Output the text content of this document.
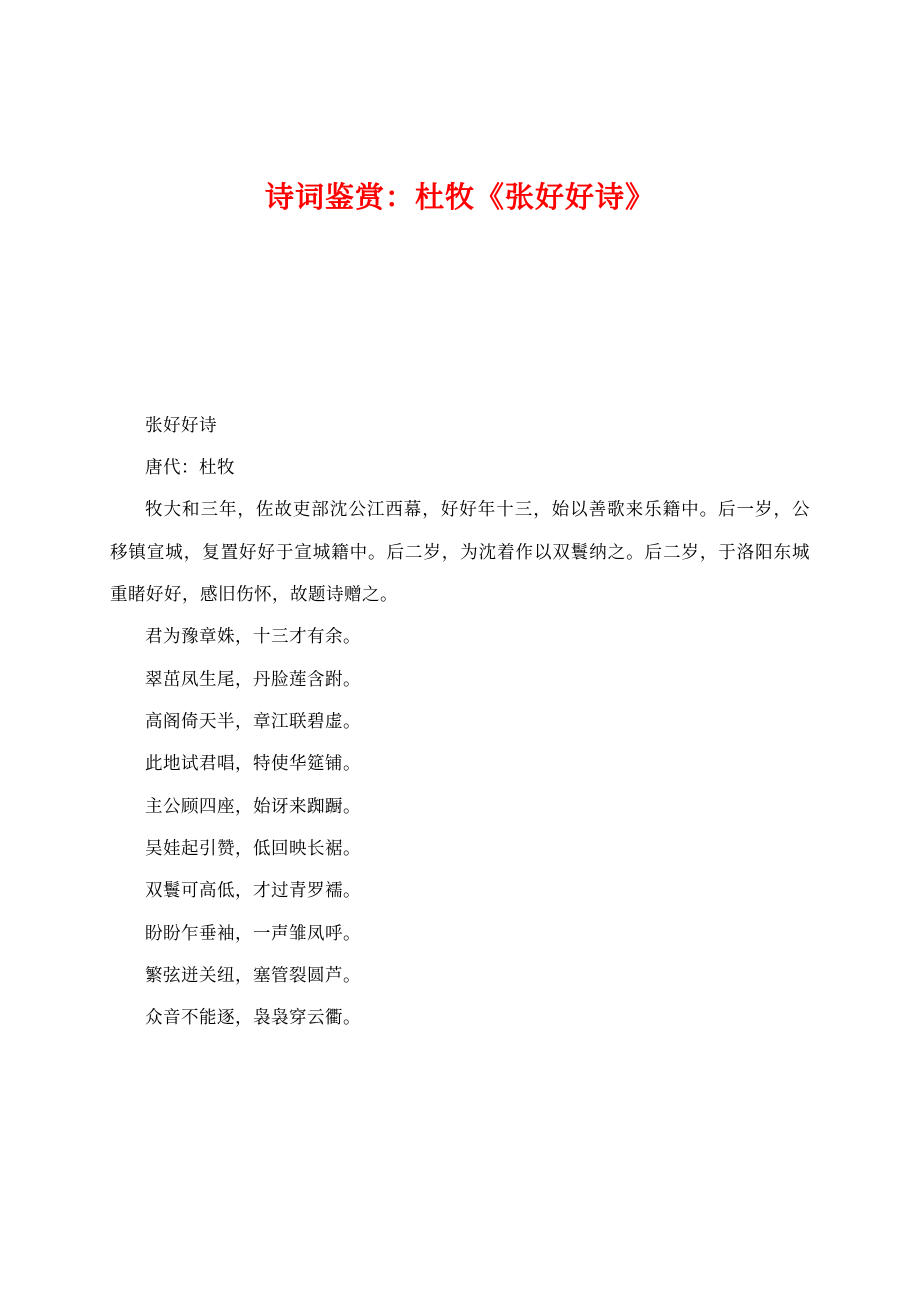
诗词鉴赏：杜牧《张好好诗》

张好好诗

唐代：杜牧

牧大和三年，佐故吏部沈公江西幕，好好年十三，始以善歌来乐籍中。后一岁，公移镇宣城，复置好好于宣城籍中。后二岁，为沈着作以双鬟纳之。后二岁，于洛阳东城重睹好好，感旧伤怀，故题诗赠之。

君为豫章姝，十三才有余。

翠茁凤生尾，丹脸莲含跗。

高阁倚天半，章江联碧虚。

此地试君唱，特使华筵铺。

主公顾四座，始讶来踟蹰。

吴娃起引赞，低回映长裾。

双鬟可高低，才过青罗襦。

盼盼乍垂袖，一声雏凤呼。

繁弦迸关纽，塞管裂圆芦。

众音不能逐，袅袅穿云衢。
